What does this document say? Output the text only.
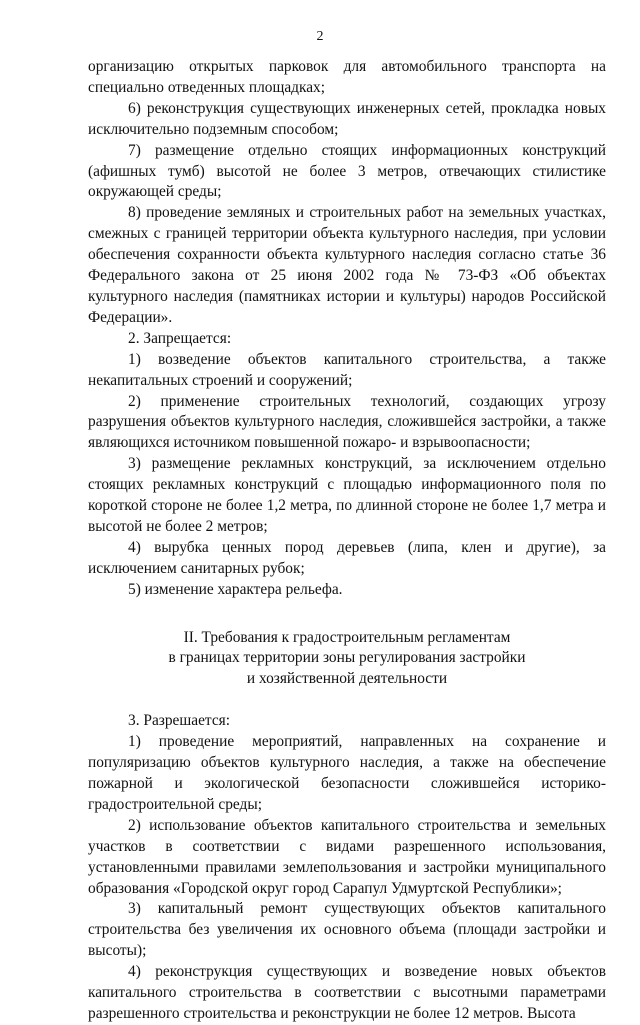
2

организацию открытых парковок для автомобильного транспорта на специально отведенных площадках;

6) реконструкция существующих инженерных сетей, прокладка новых исключительно подземным способом;

7) размещение отдельно стоящих информационных конструкций (афишных тумб) высотой не более 3 метров, отвечающих стилистике окружающей среды;

8) проведение земляных и строительных работ на земельных участках, смежных с границей территории объекта культурного наследия, при условии обеспечения сохранности объекта культурного наследия согласно статье 36 Федерального закона от 25 июня 2002 года № 73-ФЗ «Об объектах культурного наследия (памятниках истории и культуры) народов Российской Федерации».

2. Запрещается:

1) возведение объектов капитального строительства, а также некапитальных строений и сооружений;

2) применение строительных технологий, создающих угрозу разрушения объектов культурного наследия, сложившейся застройки, а также являющихся источником повышенной пожаро- и взрывоопасности;

3) размещение рекламных конструкций, за исключением отдельно стоящих рекламных конструкций с площадью информационного поля по короткой стороне не более 1,2 метра, по длинной стороне не более 1,7 метра и высотой не более 2 метров;

4) вырубка ценных пород деревьев (липа, клен и другие), за исключением санитарных рубок;

5) изменение характера рельефа.

II. Требования к градостроительным регламентам
в границах территории зоны регулирования застройки
и хозяйственной деятельности

3. Разрешается:

1) проведение мероприятий, направленных на сохранение и популяризацию объектов культурного наследия, а также на обеспечение пожарной и экологической безопасности сложившейся историко-градостроительной среды;

2) использование объектов капитального строительства и земельных участков в соответствии с видами разрешенного использования, установленными правилами землепользования и застройки муниципального образования «Городской округ город Сарапул Удмуртской Республики»;

3) капитальный ремонт существующих объектов капитального строительства без увеличения их основного объема (площади застройки и высоты);

4) реконструкция существующих и возведение новых объектов капитального строительства в соответствии с высотными параметрами разрешенного строительства и реконструкции не более 12 метров. Высота
